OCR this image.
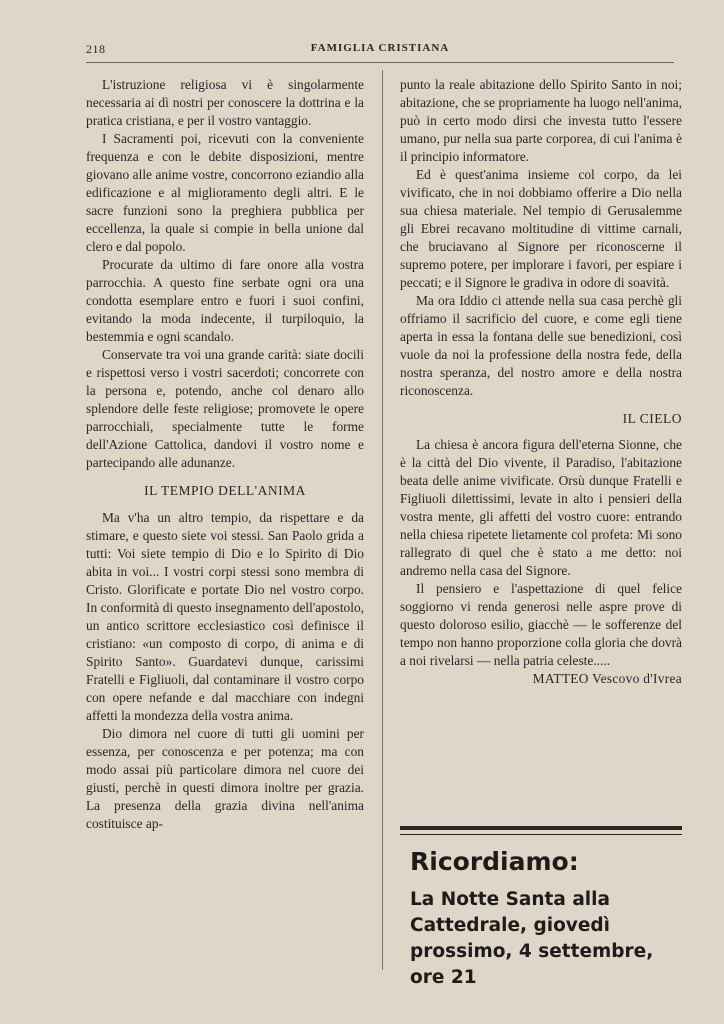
218	FAMIGLIA CRISTIANA

L'istruzione religiosa vi è singolarmente necessaria ai dì nostri per conoscere la dottrina e la pratica cristiana, e per il vostro vantaggio.

I Sacramenti poi, ricevuti con la conveniente frequenza e con le debite disposizioni, mentre giovano alle anime vostre, concorrono eziandio alla edificazione e al miglioramento degli altri. E le sacre funzioni sono la preghiera pubblica per eccellenza, la quale si compie in bella unione dal clero e dal popolo.

Procurate da ultimo di fare onore alla vostra parrocchia. A questo fine serbate ogni ora una condotta esemplare entro e fuori i suoi confini, evitando la moda indecente, il turpiloquio, la bestemmia e ogni scandalo.

Conservate tra voi una grande carità: siate docili e rispettosi verso i vostri sacerdoti; concorrete con la persona e, potendo, anche col denaro allo splendore delle feste religiose; promovete le opere parrocchiali, specialmente tutte le forme dell'Azione Cattolica, dandovi il vostro nome e partecipando alle adunanze.

IL TEMPIO DELL'ANIMA

Ma v'ha un altro tempio, da rispettare e da stimare, e questo siete voi stessi. San Paolo grida a tutti: Voi siete tempio di Dio e lo Spirito di Dio abita in voi... I vostri corpi stessi sono membra di Cristo. Glorificate e portate Dio nel vostro corpo. In conformità di questo insegnamento dell'apostolo, un antico scrittore ecclesiastico così definisce il cristiano: «un composto di corpo, di anima e di Spirito Santo». Guardatevi dunque, carissimi Fratelli e Figliuoli, dal contaminare il vostro corpo con opere nefande e dal macchiare con indegni affetti la mondezza della vostra anima.

Dio dimora nel cuore di tutti gli uomini per essenza, per conoscenza e per potenza; ma con modo assai più particolare dimora nel cuore dei giusti, perchè in questi dimora inoltre per grazia. La presenza della grazia divina nell'anima costituisce ap-

punto la reale abitazione dello Spirito Santo in noi; abitazione, che se propriamente ha luogo nell'anima, può in certo modo dirsi che investa tutto l'essere umano, pur nella sua parte corporea, di cui l'anima è il principio informatore.

Ed è quest'anima insieme col corpo, da lei vivificato, che in noi dobbiamo offerire a Dio nella sua chiesa materiale. Nel tempio di Gerusalemme gli Ebrei recavano moltitudine di vittime carnali, che bruciavano al Signore per riconoscerne il supremo potere, per implorare i favori, per espiare i peccati; e il Signore le gradiva in odore di soavità.

Ma ora Iddio ci attende nella sua casa perchè gli offriamo il sacrificio del cuore, e come egli tiene aperta in essa la fontana delle sue benedizioni, così vuole da noi la professione della nostra fede, della nostra speranza, del nostro amore e della nostra riconoscenza.

IL CIELO

La chiesa è ancora figura dell'eterna Sionne, che è la città del Dio vivente, il Paradiso, l'abitazione beata delle anime vivificate. Orsù dunque Fratelli e Figliuoli dilettissimi, levate in alto i pensieri della vostra mente, gli affetti del vostro cuore: entrando nella chiesa ripetete lietamente col profeta: Mi sono rallegrato di quel che è stato a me detto: noi andremo nella casa del Signore.

Il pensiero e l'aspettazione di quel felice soggiorno vi renda generosi nelle aspre prove di questo doloroso esilio, giacchè — le sofferenze del tempo non hanno proporzione colla gloria che dovrà a noi rivelarsi — nella patria celeste.....

MATTEO Vescovo d'Ivrea

Ricordiamo:
La Notte Santa alla Cattedrale, giovedì prossimo, 4 settembre, ore 21
